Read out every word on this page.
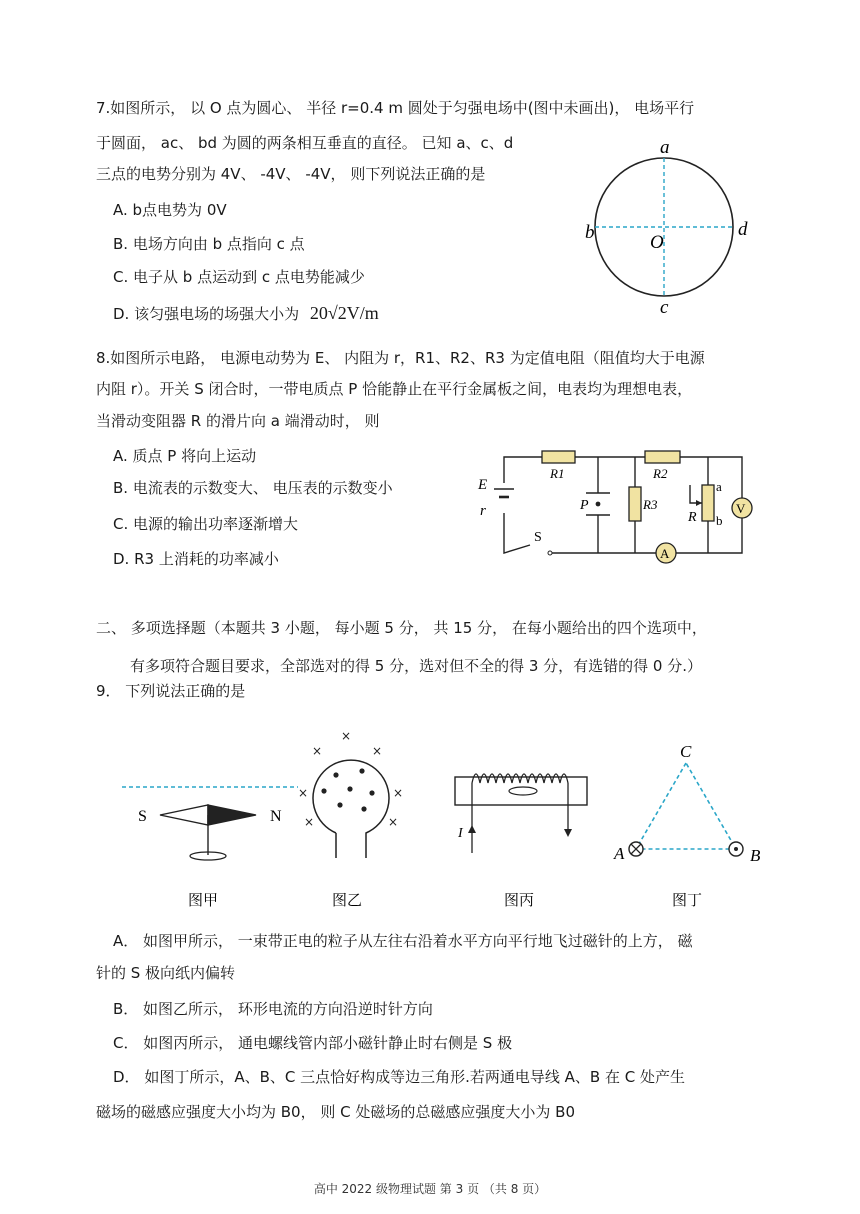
7.如图所示， 以 O 点为圆心、 半径 r=0.4 m 圆处于匀强电场中(图中未画出)， 电场平行
于圆面， ac、 bd 为圆的两条相互垂直的直径。 已知 a、c、d
三点的电势分别为 4V、 -4V、 -4V， 则下列说法正确的是
A. b点电势为 0V
B. 电场方向由 b 点指向 c 点
C. 电子从 b 点运动到 c 点电势能减少
D. 该匀强电场的场强大小为 20√2V/m
a
b
c
d
O
8.如图所示电路， 电源电动势为 E、 内阻为 r，R1、R2、R3 为定值电阻（阻值均大于电源
内阻 r）。开关 S 闭合时，一带电质点 P 恰能静止在平行金属板之间，电表均为理想电表，
当滑动变阻器 R 的滑片向 a 端滑动时， 则
A. 质点 P 将向上运动
B. 电流表的示数变大、 电压表的示数变小
C. 电源的输出功率逐渐增大
D. R3 上消耗的功率减小
V
A
E
r
S
P
R1	R2
R3
R
a
b
二、 多项选择题（本题共 3 小题， 每小题 5 分， 共 15 分， 在每小题给出的四个选项中，
有多项符合题目要求，全部选对的得 5 分，选对但不全的得 3 分，有选错的得 0 分.）
9． 下列说法正确的是
S	N
×
×	×
×	×
×	×
I
C
A	B
图甲	图乙	图丙	图丁
A． 如图甲所示， 一束带正电的粒子从左往右沿着水平方向平行地飞过磁针的上方， 磁
针的 S 极向纸内偏转
B． 如图乙所示， 环形电流的方向沿逆时针方向
C． 如图丙所示， 通电螺线管内部小磁针静止时右侧是 S 极
D． 如图丁所示，A、B、C 三点恰好构成等边三角形.若两通电导线 A、B 在 C 处产生
磁场的磁感应强度大小均为 B0， 则 C 处磁场的总磁感应强度大小为 B0
高中 2022 级物理试题 第 3 页 （共 8 页）
